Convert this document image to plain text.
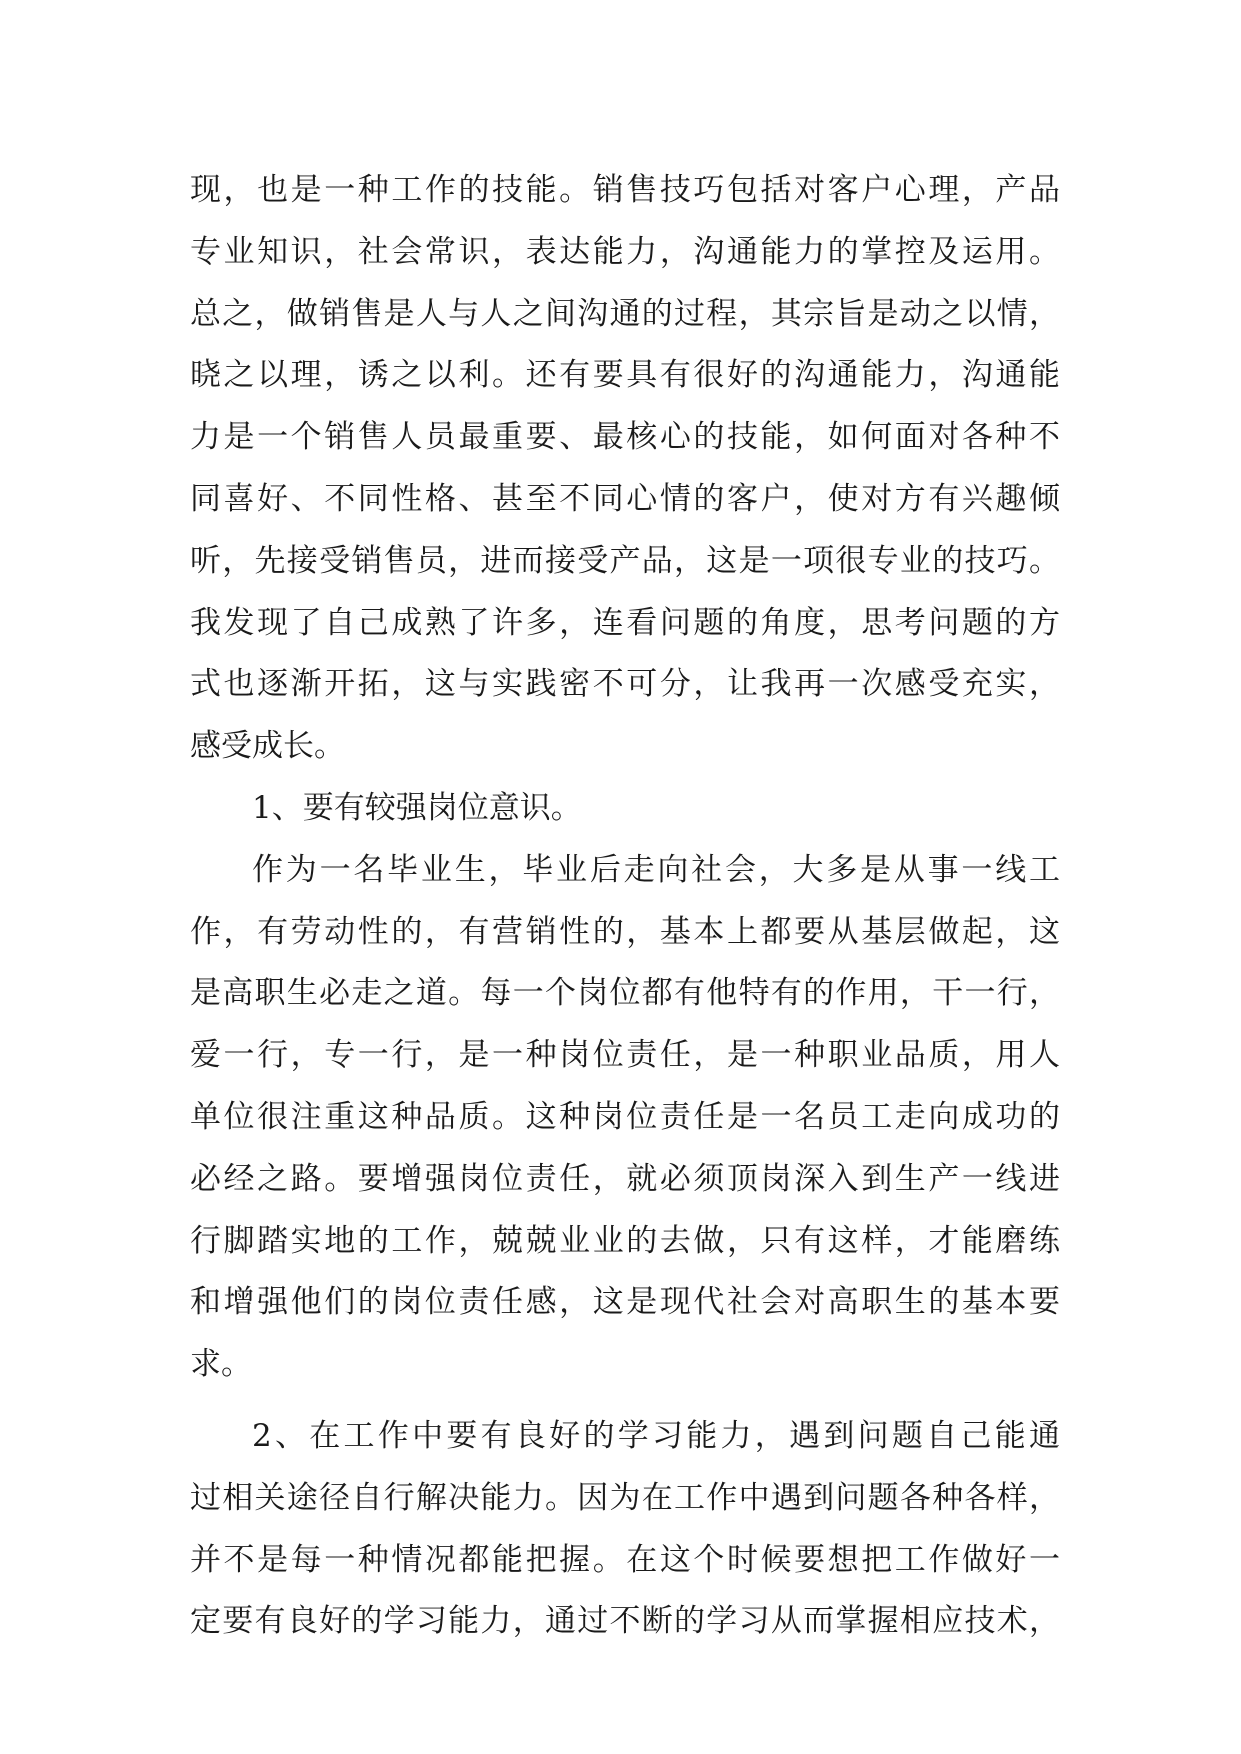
现，也是一种工作的技能。销售技巧包括对客户心理，产品
专业知识，社会常识，表达能力，沟通能力的掌控及运用。
总之，做销售是人与人之间沟通的过程，其宗旨是动之以情，
晓之以理，诱之以利。还有要具有很好的沟通能力，沟通能
力是一个销售人员最重要、最核心的技能，如何面对各种不
同喜好、不同性格、甚至不同心情的客户，使对方有兴趣倾
听，先接受销售员，进而接受产品，这是一项很专业的技巧。
我发现了自己成熟了许多，连看问题的角度，思考问题的方
式也逐渐开拓，这与实践密不可分，让我再一次感受充实，
感受成长。
1、要有较强岗位意识。
作为一名毕业生，毕业后走向社会，大多是从事一线工
作，有劳动性的，有营销性的，基本上都要从基层做起，这
是高职生必走之道。每一个岗位都有他特有的作用，干一行，
爱一行，专一行，是一种岗位责任，是一种职业品质，用人
单位很注重这种品质。这种岗位责任是一名员工走向成功的
必经之路。要增强岗位责任，就必须顶岗深入到生产一线进
行脚踏实地的工作，兢兢业业的去做，只有这样，才能磨练
和增强他们的岗位责任感，这是现代社会对高职生的基本要
求。
2、在工作中要有良好的学习能力，遇到问题自己能通
过相关途径自行解决能力。因为在工作中遇到问题各种各样，
并不是每一种情况都能把握。在这个时候要想把工作做好一
定要有良好的学习能力，通过不断的学习从而掌握相应技术，
